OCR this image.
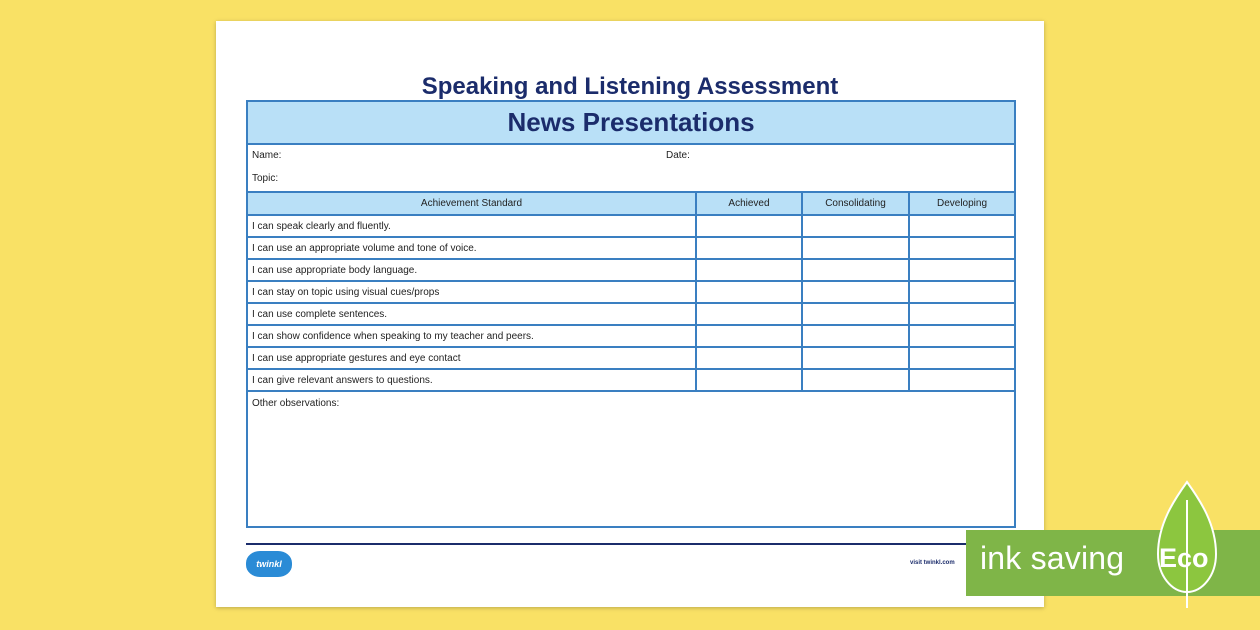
Speaking and Listening Assessment
News Presentations
Name:	Date:
Topic:
Achievement Standard	Achieved	Consolidating	Developing
I can speak clearly and fluently.			
I can use an appropriate volume and tone of voice.			
I can use appropriate body language.			
I can stay on topic using visual cues/props			
I can use complete sentences.			
I can show confidence when speaking to my teacher and peers.			
I can use appropriate gestures and eye contact			
I can give relevant answers to questions.			
Other observations:
twinkl	visit twinkl.com ink saving Eco
